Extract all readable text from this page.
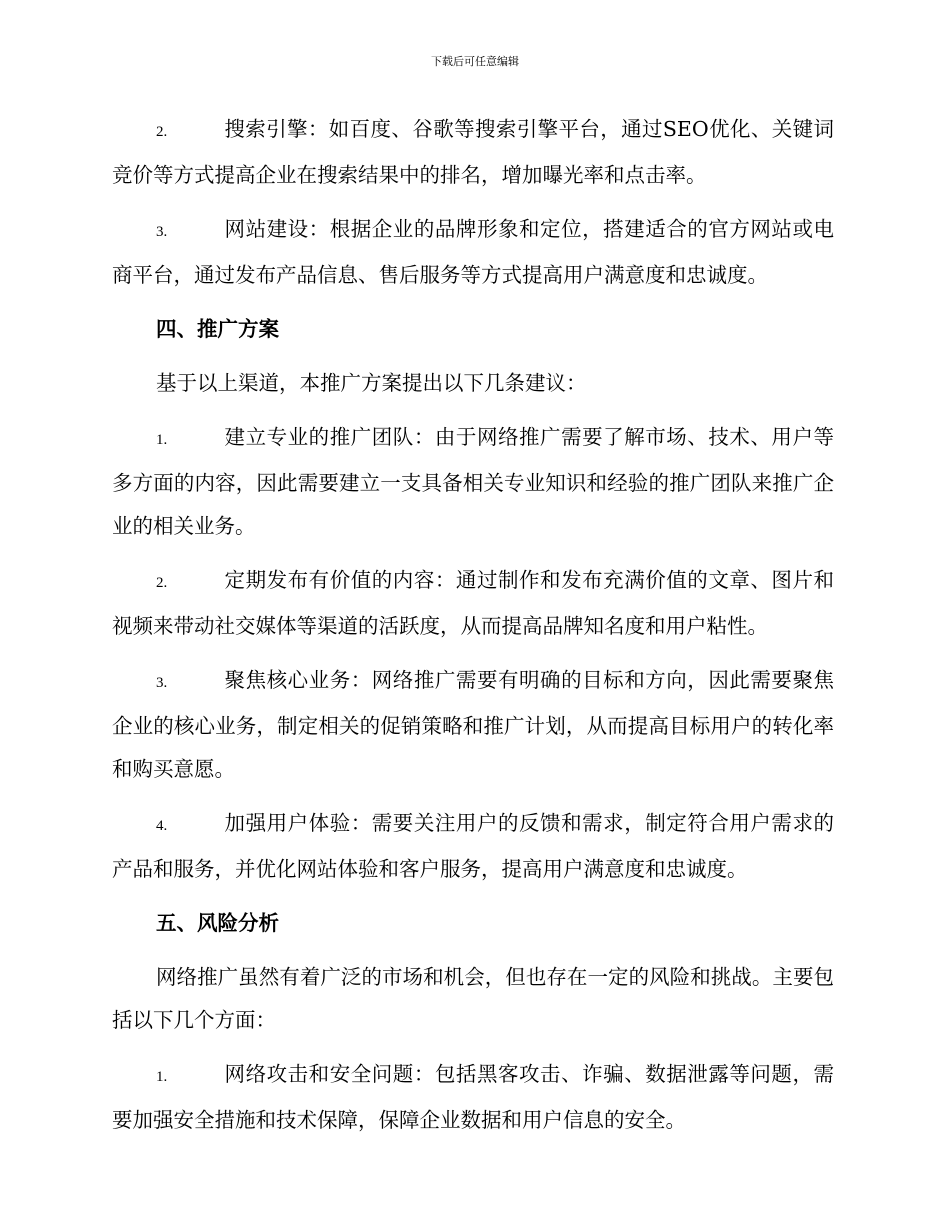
下载后可任意编辑

2.	搜索引擎：如百度、谷歌等搜索引擎平台，通过SEO优化、关键词竞价等方式提高企业在搜索结果中的排名，增加曝光率和点击率。

3.	网站建设：根据企业的品牌形象和定位，搭建适合的官方网站或电商平台，通过发布产品信息、售后服务等方式提高用户满意度和忠诚度。

四、推广方案

基于以上渠道，本推广方案提出以下几条建议：

1.	建立专业的推广团队：由于网络推广需要了解市场、技术、用户等多方面的内容，因此需要建立一支具备相关专业知识和经验的推广团队来推广企业的相关业务。

2.	定期发布有价值的内容：通过制作和发布充满价值的文章、图片和视频来带动社交媒体等渠道的活跃度，从而提高品牌知名度和用户粘性。

3.	聚焦核心业务：网络推广需要有明确的目标和方向，因此需要聚焦企业的核心业务，制定相关的促销策略和推广计划，从而提高目标用户的转化率和购买意愿。

4.	加强用户体验：需要关注用户的反馈和需求，制定符合用户需求的产品和服务，并优化网站体验和客户服务，提高用户满意度和忠诚度。

五、风险分析

网络推广虽然有着广泛的市场和机会，但也存在一定的风险和挑战。主要包括以下几个方面：

1.	网络攻击和安全问题：包括黑客攻击、诈骗、数据泄露等问题，需要加强安全措施和技术保障，保障企业数据和用户信息的安全。
